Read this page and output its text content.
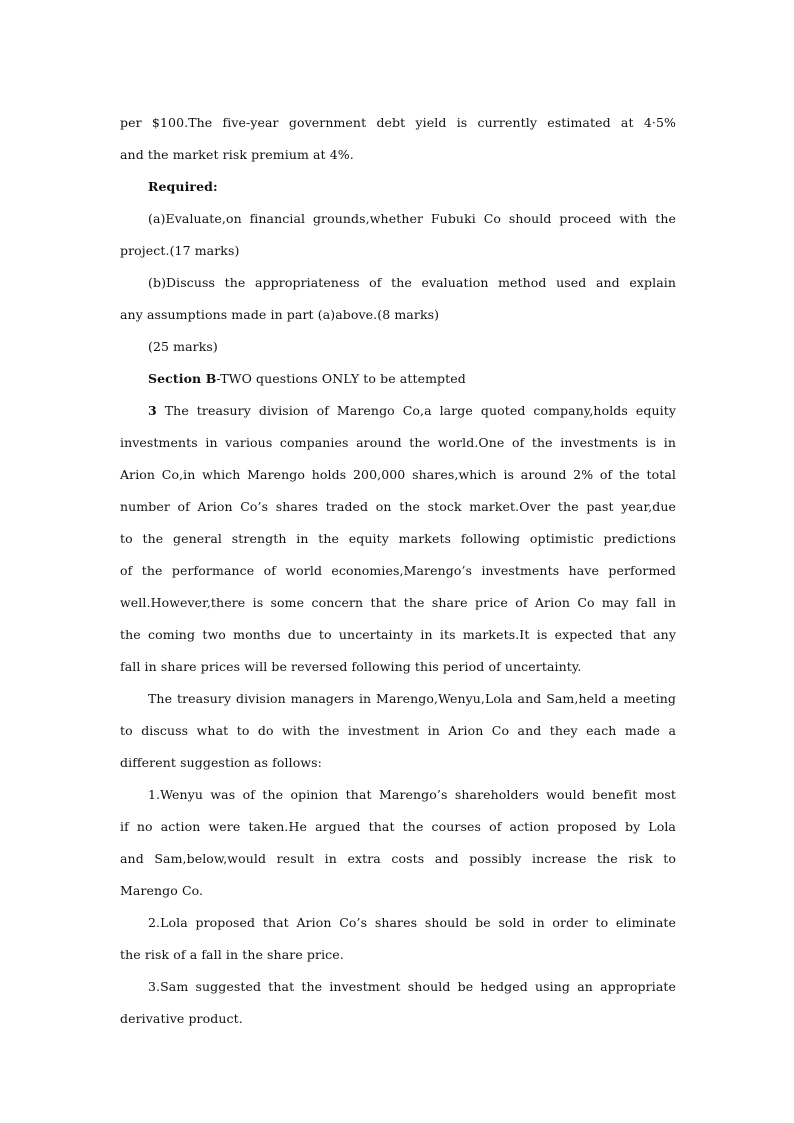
per $100.The five-year government debt yield is currently estimated at 4·5%
and the market risk premium at 4%.
Required:
(a)Evaluate,on financial grounds,whether Fubuki Co should proceed with the
project.(17 marks)
(b)Discuss the appropriateness of the evaluation method used and explain
any assumptions made in part (a)above.(8 marks)
(25 marks)
Section B-TWO questions ONLY to be attempted
3 The treasury division of Marengo Co,a large quoted company,holds equity
investments in various companies around the world.One of the investments is in
Arion Co,in which Marengo holds 200,000 shares,which is around 2% of the total
number of Arion Co’s shares traded on the stock market.Over the past year,due
to the general strength in the equity markets following optimistic predictions
of the performance of world economies,Marengo’s investments have performed
well.However,there is some concern that the share price of Arion Co may fall in
the coming two months due to uncertainty in its markets.It is expected that any
fall in share prices will be reversed following this period of uncertainty.
The treasury division managers in Marengo,Wenyu,Lola and Sam,held a meeting
to discuss what to do with the investment in Arion Co and they each made a
different suggestion as follows:
1.Wenyu was of the opinion that Marengo’s shareholders would benefit most
if no action were taken.He argued that the courses of action proposed by Lola
and Sam,below,would result in extra costs and possibly increase the risk to
Marengo Co.
2.Lola proposed that Arion Co’s shares should be sold in order to eliminate
the risk of a fall in the share price.
3.Sam suggested that the investment should be hedged using an appropriate
derivative product.
